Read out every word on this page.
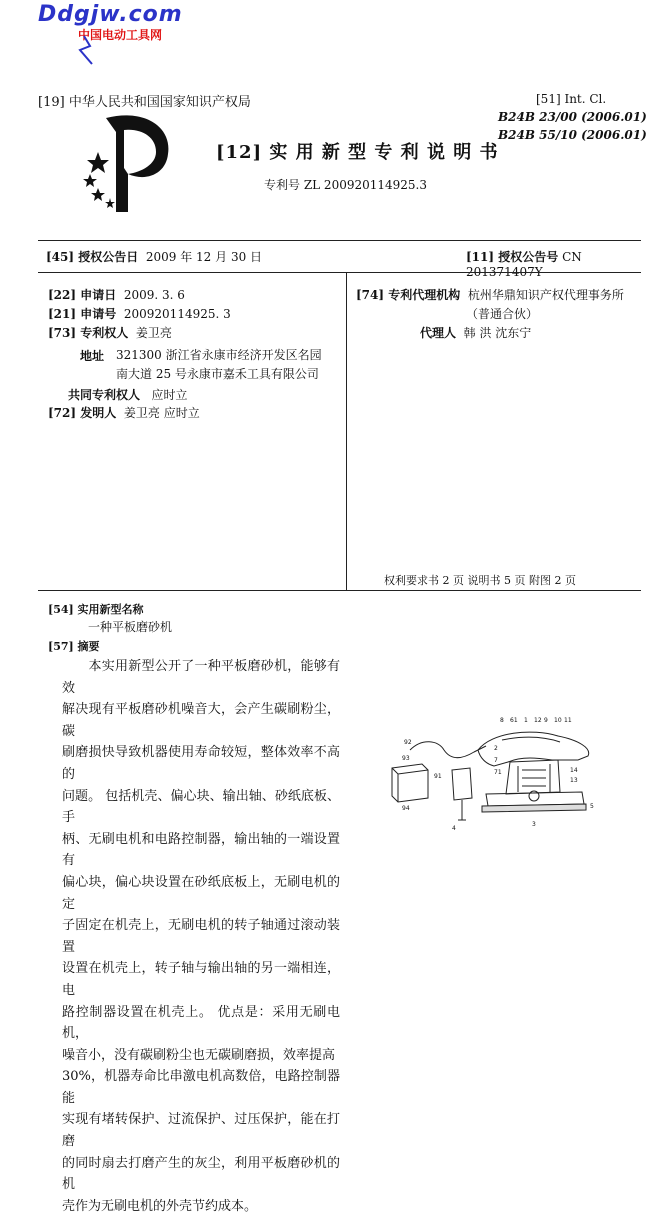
Ddgjw.com
中国电动工具网
[19] 中华人民共和国国家知识产权局
[12] 实 用 新 型 专 利 说 明 书
专利号 ZL 200920114925.3
[51] Int. Cl.
B24B 23/00 (2006.01)
B24B 55/10 (2006.01)
[45] 授权公告日 2009 年 12 月 30 日	[11] 授权公告号 CN 201371407Y
[22] 申请日 2009. 3. 6
[21] 申请号 200920114925. 3
[73] 专利权人 姜卫亮
地址 321300 浙江省永康市经济开发区名园
南大道 25 号永康市嘉禾工具有限公司
共同专利权人 应时立
[72] 发明人 姜卫亮 应时立
[74] 专利代理机构 杭州华鼎知识产权代理事务所
（普通合伙）
代理人 韩 洪 沈东宁
权利要求书 2 页 说明书 5 页 附图 2 页
[54] 实用新型名称
一种平板磨砂机
[57] 摘要
　　本实用新型公开了一种平板磨砂机，能够有效
解决现有平板磨砂机噪音大，会产生碳刷粉尘，碳
刷磨损快导致机器使用寿命较短，整体效率不高的
问题。 包括机壳、偏心块、输出轴、砂纸底板、手
柄、无刷电机和电路控制器，输出轴的一端设置有
偏心块，偏心块设置在砂纸底板上，无刷电机的定
子固定在机壳上，无刷电机的转子轴通过滚动装置
设置在机壳上，转子轴与输出轴的另一端相连，电
路控制器设置在机壳上。 优点是：采用无刷电机，
噪音小，没有碳刷粉尘也无碳刷磨损，效率提高
30%，机器寿命比串激电机高数倍，电路控制器能
实现有堵转保护、过流保护、过压保护，能在打磨
的同时扇去打磨产生的灰尘，利用平板磨砂机的机
壳作为无刷电机的外壳节约成本。
8 61 1 12 9 10 11
92
93
91
94
2
7
71	14
13
5
3
4
